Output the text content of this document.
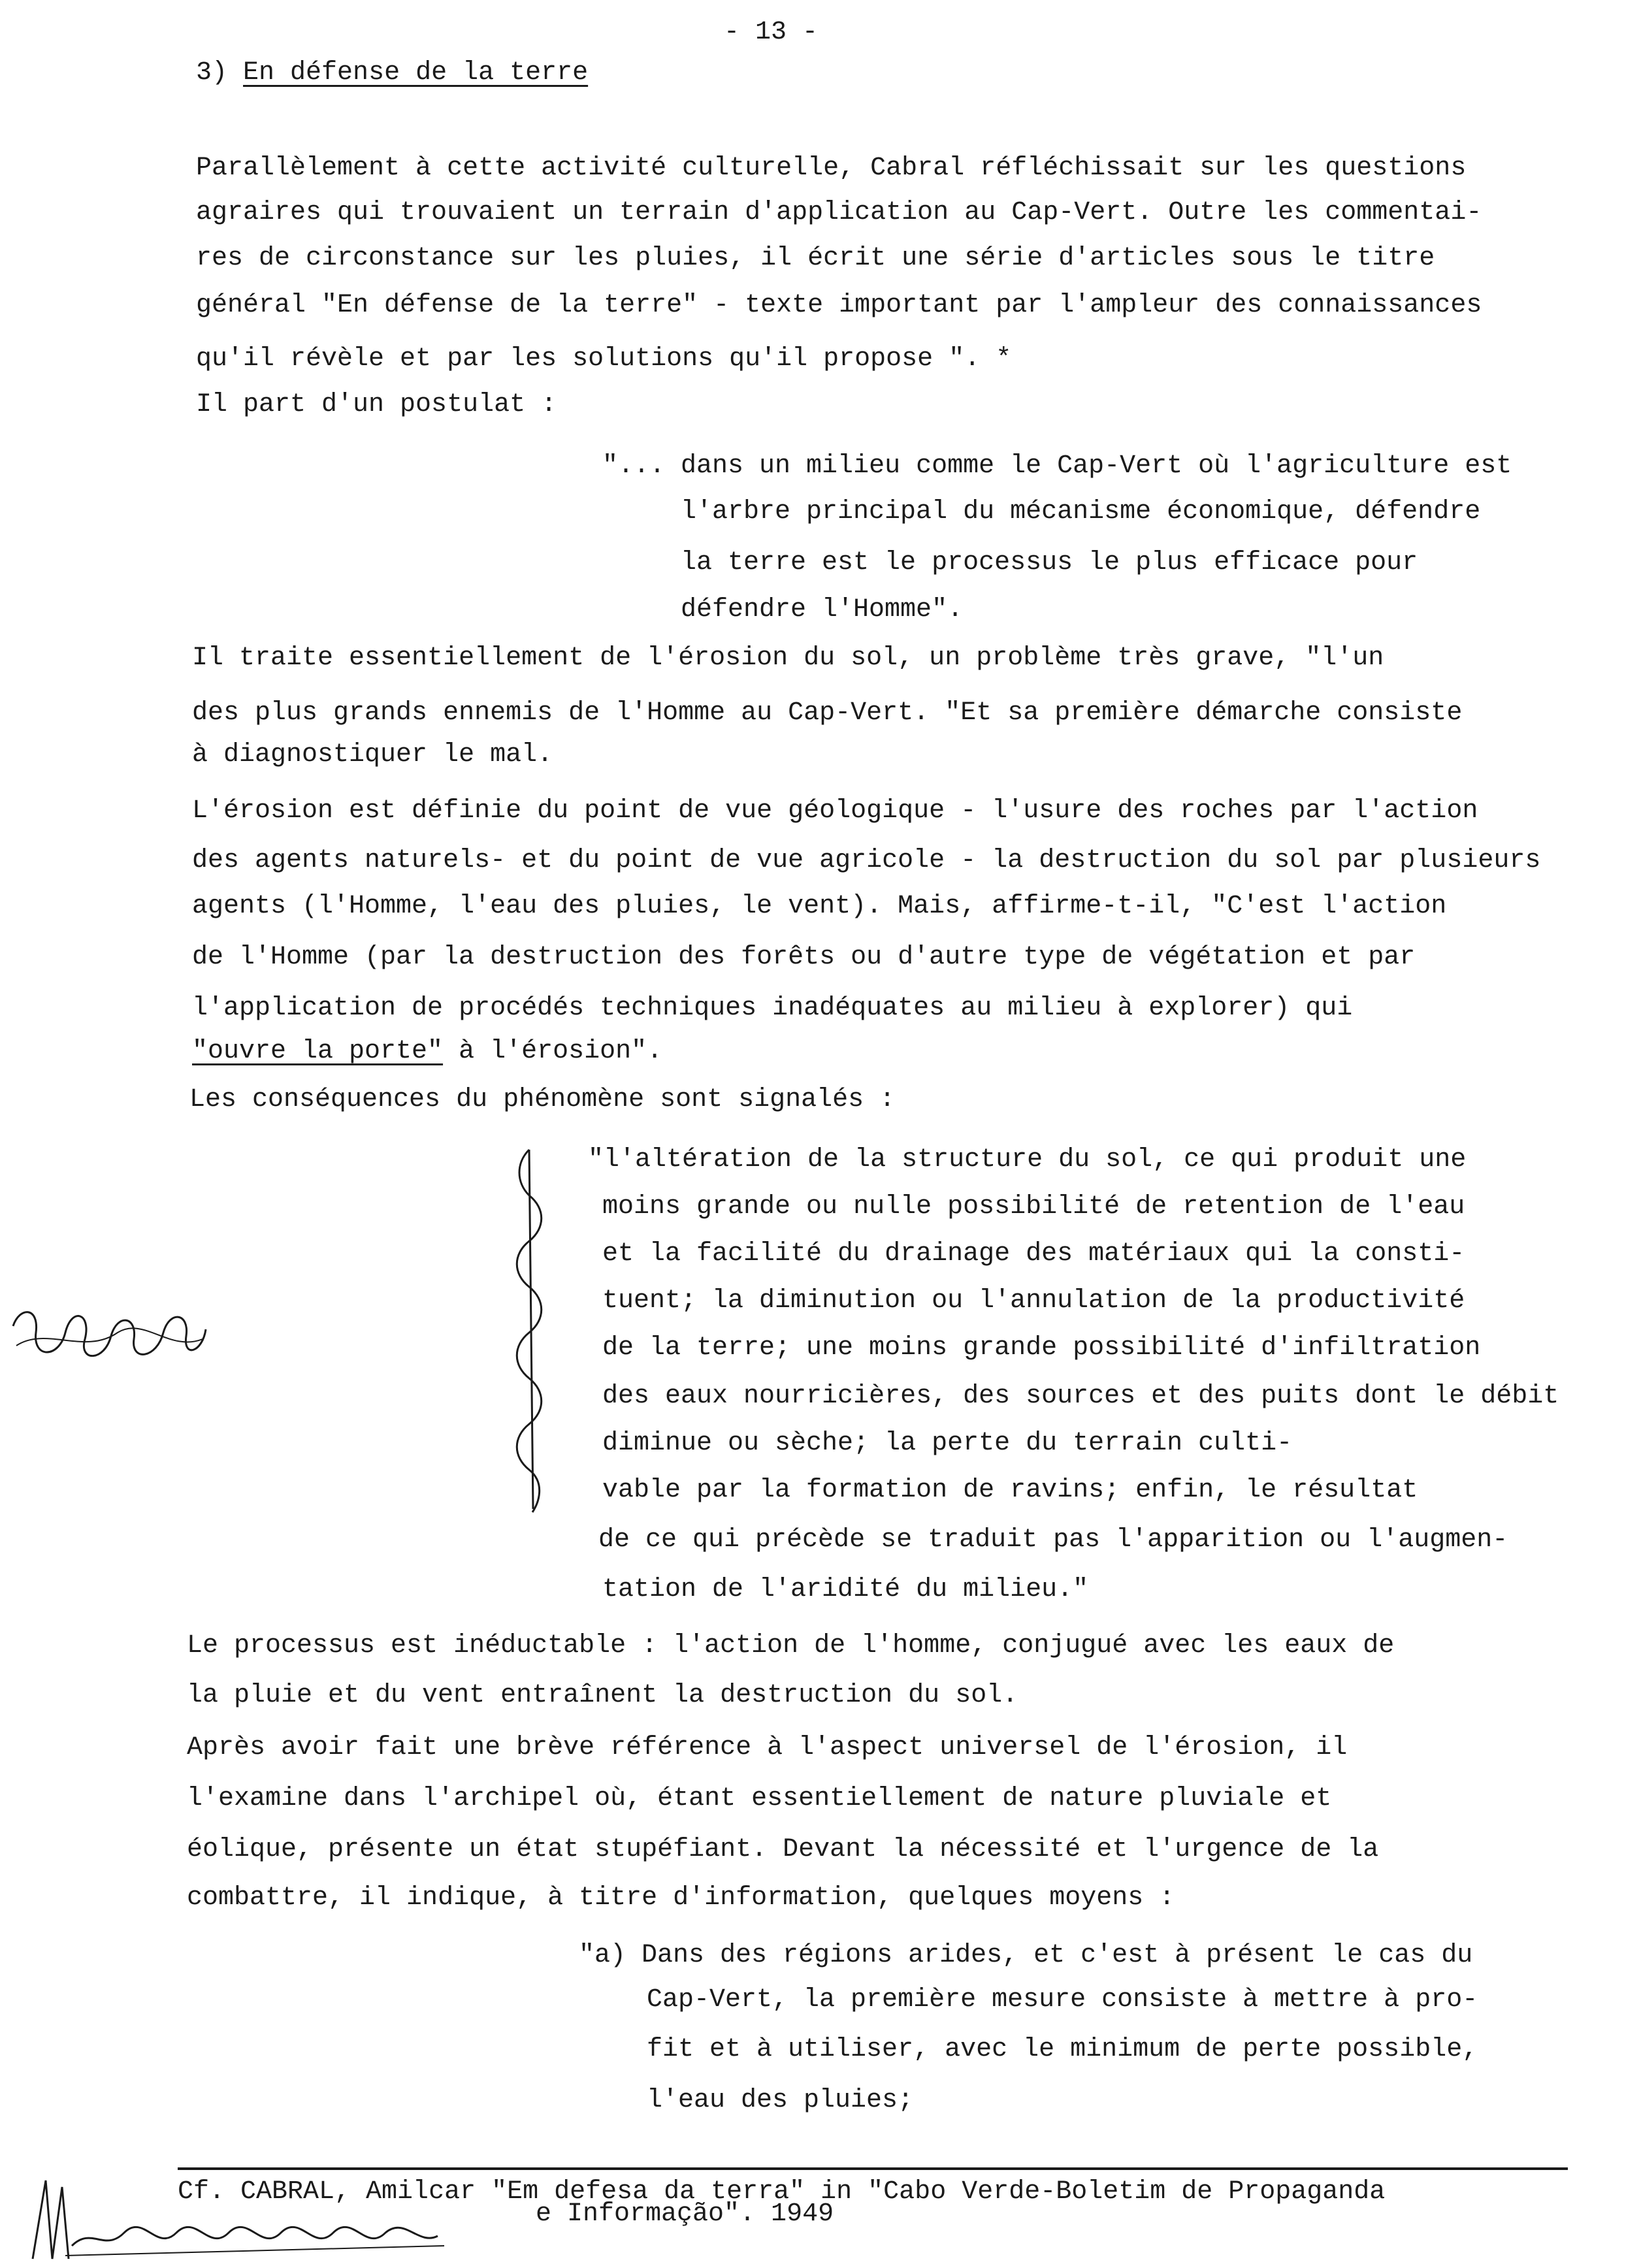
- 13 -
3) En défense de la terre
Parallèlement à cette activité culturelle, Cabral réfléchissait sur les questions
agraires qui trouvaient un terrain d'application au Cap-Vert. Outre les commentai-
res de circonstance sur les pluies, il écrit une série d'articles sous le titre
général "En défense de la terre" - texte important par l'ampleur des connaissances
qu'il révèle et par les solutions qu'il propose ". *
Il part d'un postulat :
"... dans un milieu comme le Cap-Vert où l'agriculture est
l'arbre principal du mécanisme économique, défendre
la terre est le processus le plus efficace pour
défendre l'Homme".
Il traite essentiellement de l'érosion du sol, un problème très grave, "l'un
des plus grands ennemis de l'Homme au Cap-Vert. "Et sa première démarche consiste
à diagnostiquer le mal.
L'érosion est définie du point de vue géologique - l'usure des roches par l'action
des agents naturels- et du point de vue agricole - la destruction du sol par plusieurs
agents (l'Homme, l'eau des pluies, le vent). Mais, affirme-t-il, "C'est l'action
de l'Homme (par la destruction des forêts ou d'autre type de végétation et par
l'application de procédés techniques inadéquates au milieu à explorer) qui
"ouvre la porte" à l'érosion".
Les conséquences du phénomène sont signalés :
"l'altération de la structure du sol, ce qui produit une
moins grande ou nulle possibilité de retention de l'eau
et la facilité du drainage des matériaux qui la consti-
tuent; la diminution ou l'annulation de la productivité
de la terre; une moins grande possibilité d'infiltration
des eaux nourricières, des sources et des puits dont le débit
diminue ou sèche; la perte du terrain culti-
vable par la formation de ravins; enfin, le résultat
de ce qui précède se traduit pas l'apparition ou l'augmen-
tation de l'aridité du milieu."
Le processus est inéductable : l'action de l'homme, conjugué avec les eaux de
la pluie et du vent entraînent la destruction du sol.
Après avoir fait une brève référence à l'aspect universel de l'érosion, il
l'examine dans l'archipel où, étant essentiellement de nature pluviale et
éolique, présente un état stupéfiant. Devant la nécessité et l'urgence de la
combattre, il indique, à titre d'information, quelques moyens :
"a) Dans des régions arides, et c'est à présent le cas du
Cap-Vert, la première mesure consiste à mettre à pro-
fit et à utiliser, avec le minimum de perte possible,
l'eau des pluies;
Cf. CABRAL, Amilcar "Em defesa da terra" in "Cabo Verde-Boletim de Propaganda
e Informação". 1949
